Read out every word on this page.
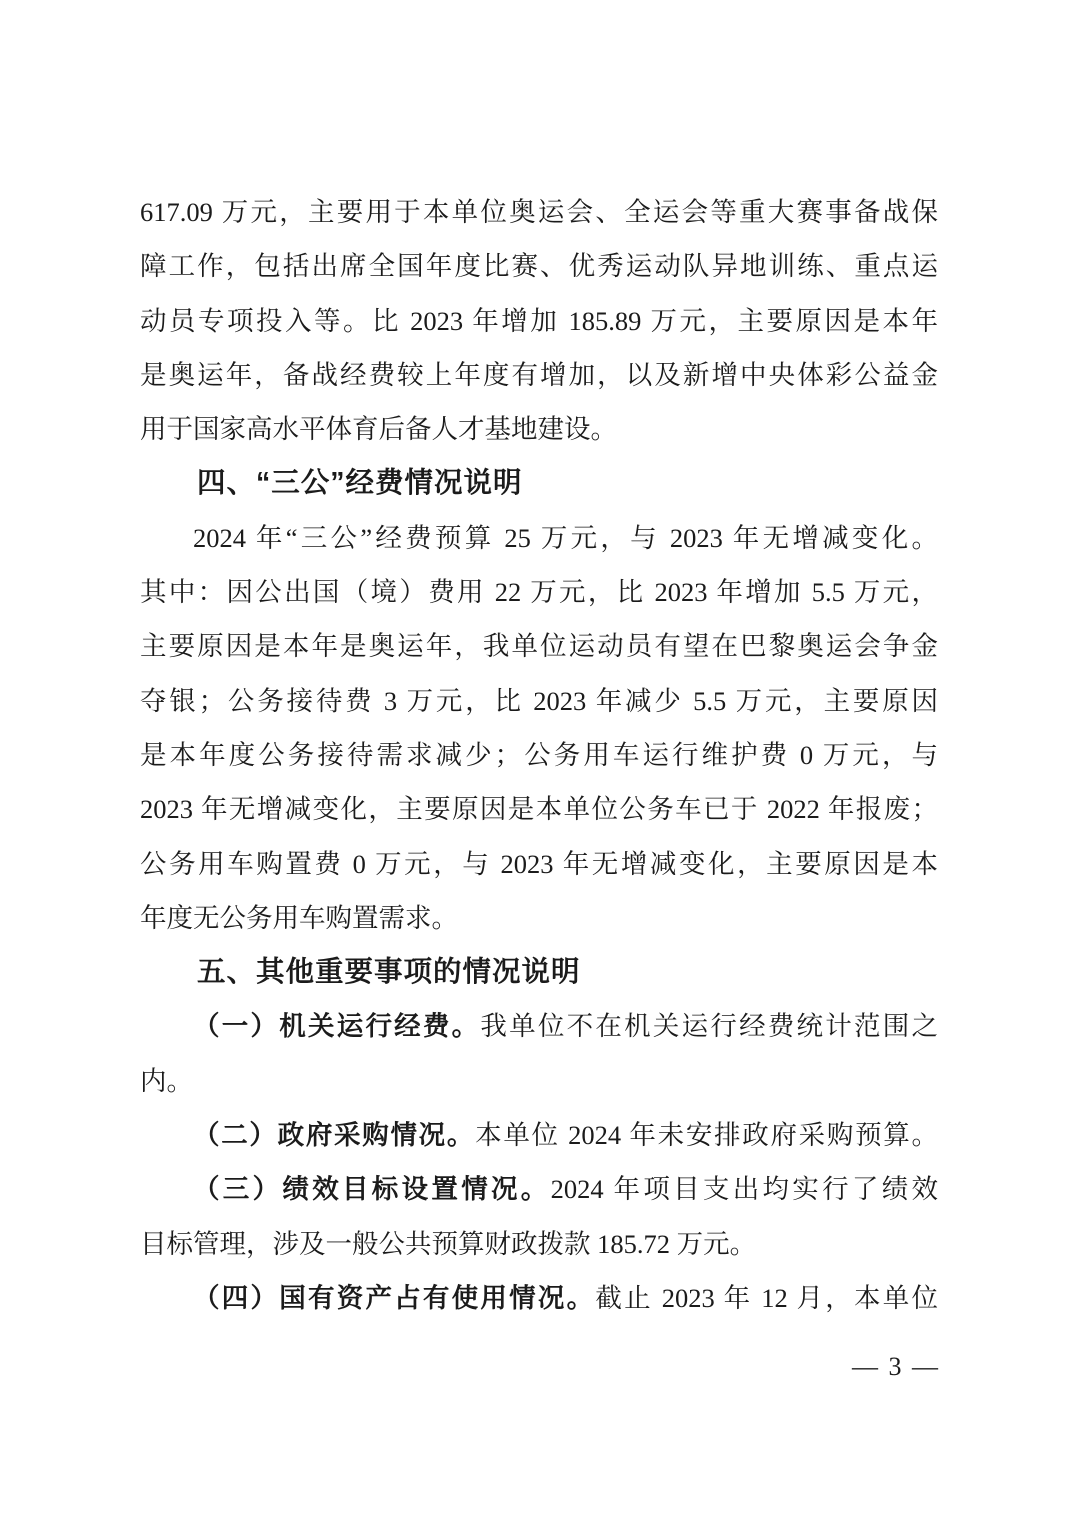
617.09 万元，主要用于本单位奥运会、全运会等重大赛事备战保
障工作，包括出席全国年度比赛、优秀运动队异地训练、重点运
动员专项投入等。比 2023 年增加 185.89 万元，主要原因是本年
是奥运年，备战经费较上年度有增加，以及新增中央体彩公益金
用于国家高水平体育后备人才基地建设。
四、“三公”经费情况说明
2024 年“三公”经费预算 25 万元，与 2023 年无增减变化。
其中：因公出国（境）费用 22 万元，比 2023 年增加 5.5 万元，
主要原因是本年是奥运年，我单位运动员有望在巴黎奥运会争金
夺银；公务接待费 3 万元，比 2023 年减少 5.5 万元，主要原因
是本年度公务接待需求减少；公务用车运行维护费 0 万元，与
2023 年无增减变化，主要原因是本单位公务车已于 2022 年报废；
公务用车购置费 0 万元，与 2023 年无增减变化，主要原因是本
年度无公务用车购置需求。
五、其他重要事项的情况说明
（一）机关运行经费。我单位不在机关运行经费统计范围之
内。
（二）政府采购情况。本单位 2024 年未安排政府采购预算。
（三）绩效目标设置情况。2024 年项目支出均实行了绩效
目标管理，涉及一般公共预算财政拨款 185.72 万元。
（四）国有资产占有使用情况。截止 2023 年 12 月，本单位
— 3 —
